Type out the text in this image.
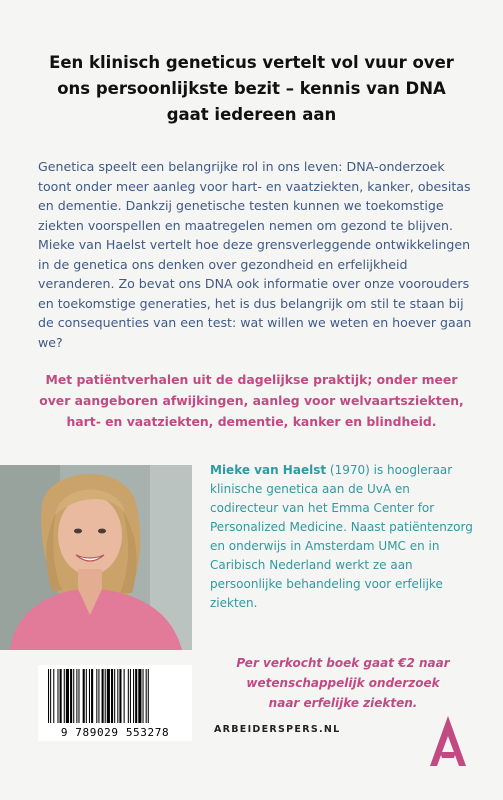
Een klinisch geneticus vertelt vol vuur over
ons persoonlijkste bezit – kennis van DNA
gaat iedereen aan

Genetica speelt een belangrijke rol in ons leven: DNA-onderzoek toont onder meer aanleg voor hart- en vaatziekten, kanker, obesitas en dementie. Dankzij genetische testen kunnen we toekomstige ziekten voorspellen en maatregelen nemen om gezond te blijven.

Mieke van Haelst vertelt hoe deze grensverleggende ontwikkelingen in de genetica ons denken over gezondheid en erfelijkheid veranderen. Zo bevat ons DNA ook informatie over onze voorouders en toekomstige generaties, het is dus belangrijk om stil te staan bij de consequenties van een test: wat willen we weten en hoever gaan we?

Met patiëntverhalen uit de dagelijkse praktijk; onder meer
over aangeboren afwijkingen, aanleg voor welvaartsziekten,
hart- en vaatziekten, dementie, kanker en blindheid.
Mieke van Haelst (1970) is hoogleraar klinische genetica aan de UvA en codirecteur van het Emma Center for Personalized Medicine. Naast patiëntenzorg en onderwijs in Amsterdam UMC en in Caribisch Nederland werkt ze aan persoonlijke behandeling voor erfelijke ziekten.
Per verkocht boek gaat €2 naar
wetenschappelijk onderzoek
naar erfelijke ziekten.
9 789029 553278	ARBEIDERSPERS.NL
